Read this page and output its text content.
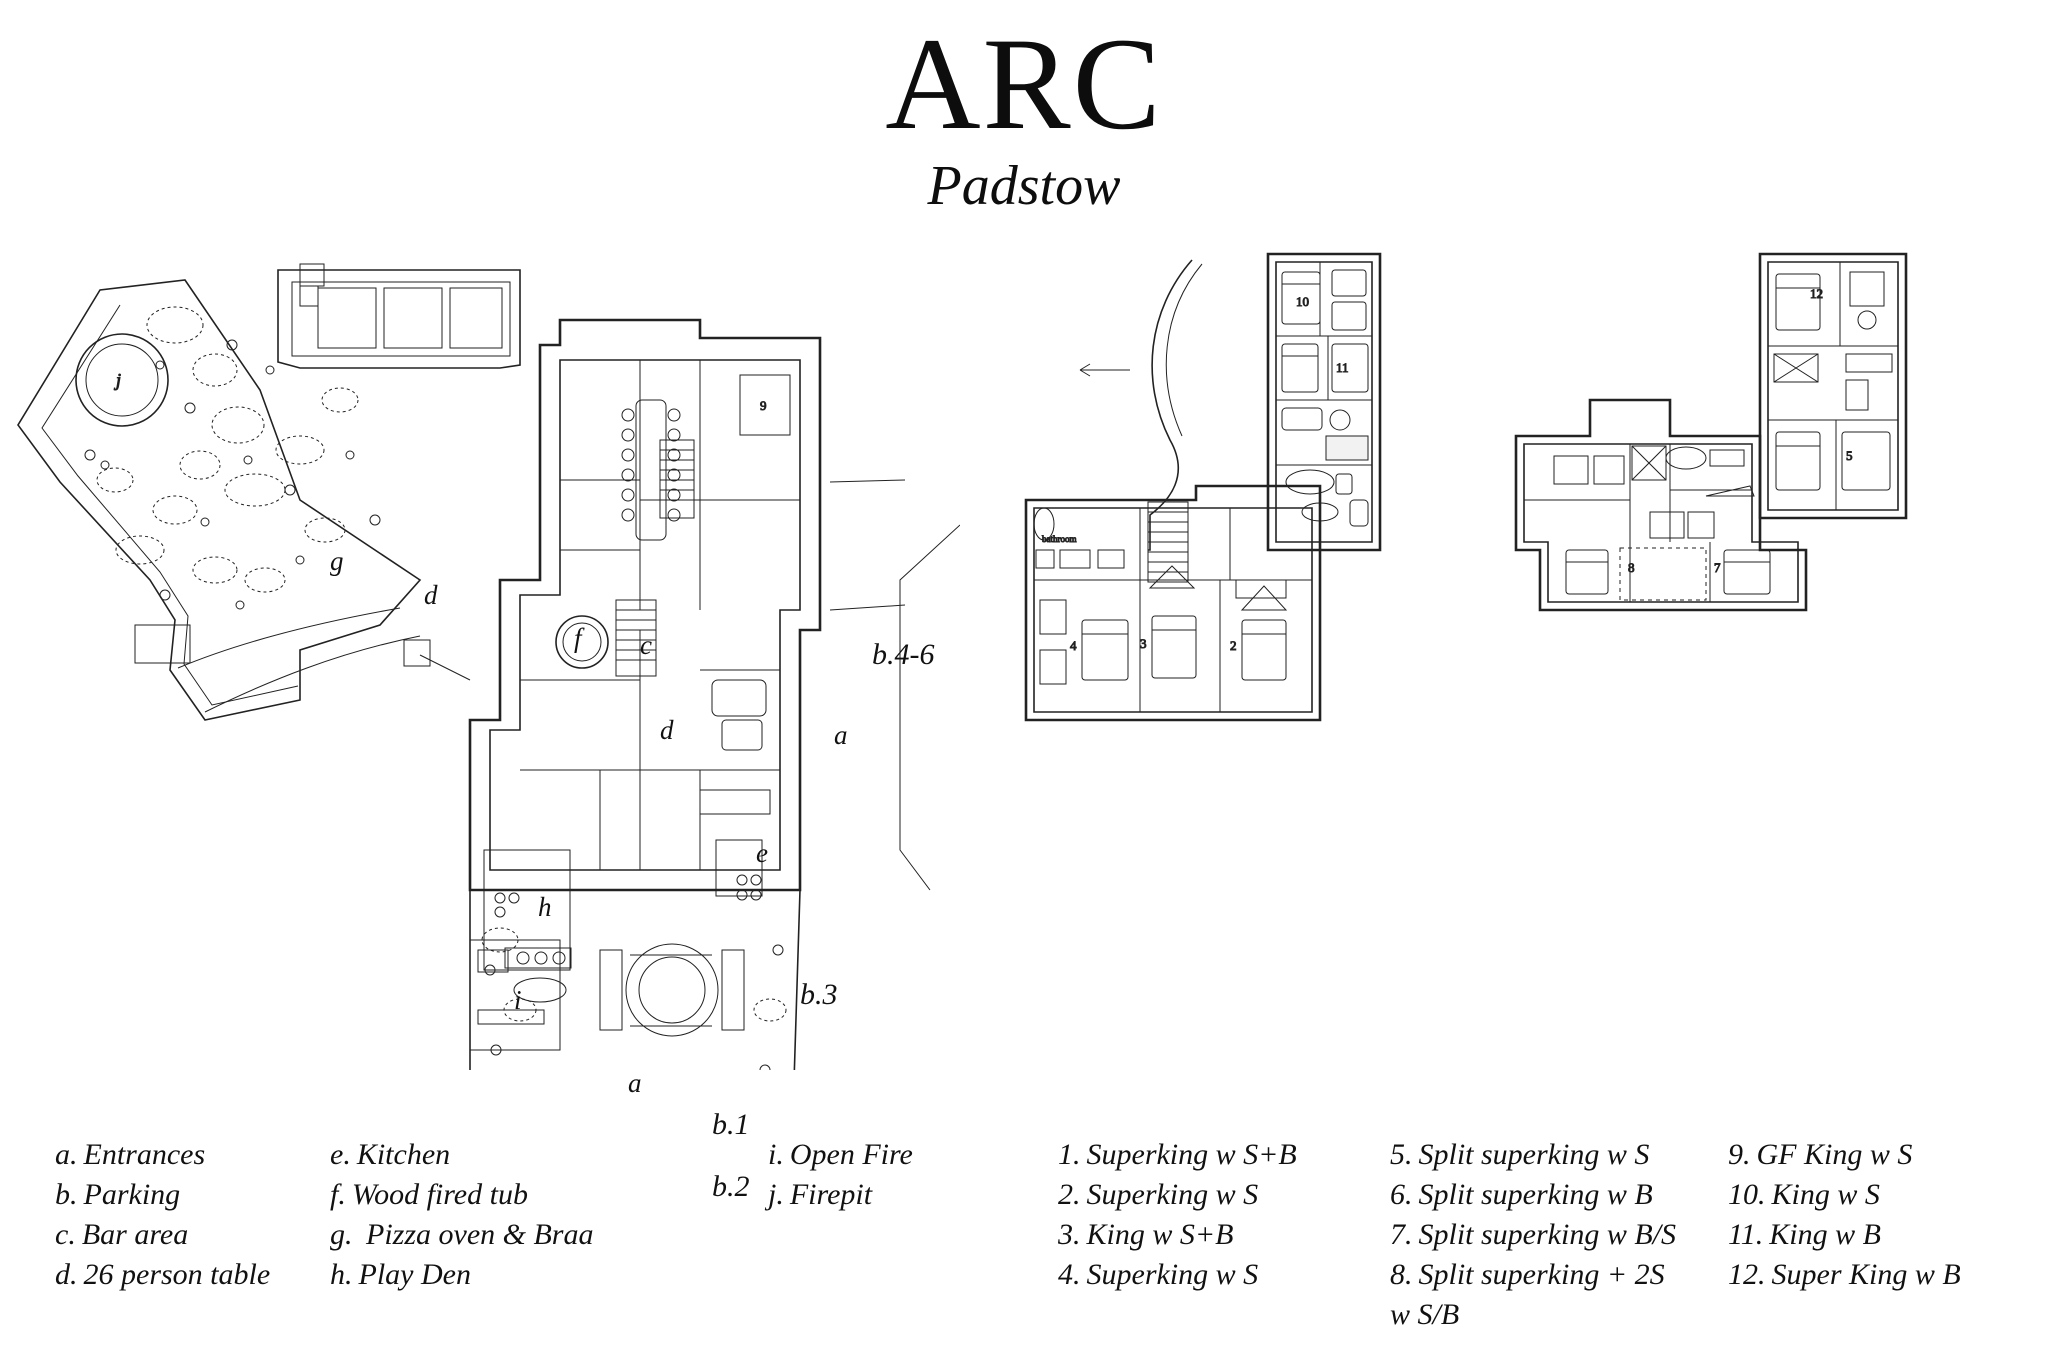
ARC
Padstow
j
9
g
d
f c	b.4-6
a
d
e
h
i	b.3
a
b.1
b.2
10
11
bathroom
4	3	2
12
5
8	7
a. Entrances
b. Parking
c. Bar area
d. 26 person table
e. Kitchen
f. Wood fired tub
g. Pizza oven & Braa
h. Play Den
i. Open Fire
j. Firepit
1. Superking w S+B
2. Superking w S
3. King w S+B
4. Superking w S
5. Split superking w S
6. Split superking w B
7. Split superking w B/S
8. Split superking + 2S
w S/B
9. GF King w S
10. King w S
11. King w B
12. Super King w B
